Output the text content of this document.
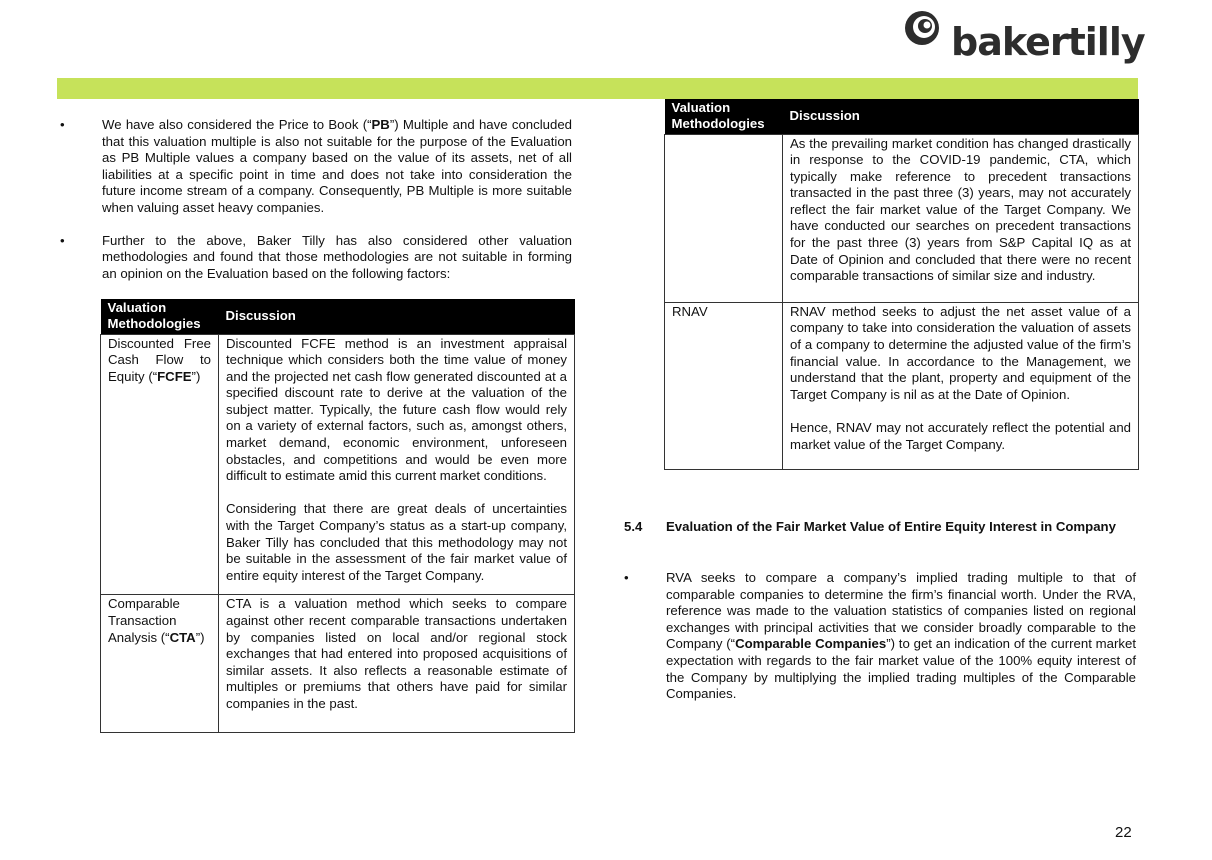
bakertilly

•	We have also considered the Price to Book (“PB”) Multiple and have concluded that this valuation multiple is also not suitable for the purpose of the Evaluation as PB Multiple values a company based on the value of its assets, net of all liabilities at a specific point in time and does not take into consideration the future income stream of a company. Consequently, PB Multiple is more suitable when valuing asset heavy companies.

•	Further to the above, Baker Tilly has also considered other valuation methodologies and found that those methodologies are not suitable in forming an opinion on the Evaluation based on the following factors:

Valuation Methodologies	Discussion
Discounted Free Cash Flow to Equity (“FCFE”)	Discounted FCFE method is an investment appraisal technique which considers both the time value of money and the projected net cash flow generated discounted at a specified discount rate to derive at the valuation of the subject matter. Typically, the future cash flow would rely on a variety of external factors, such as, amongst others, market demand, economic environment, unforeseen obstacles, and competitions and would be even more difficult to estimate amid this current market conditions.

Considering that there are great deals of uncertainties with the Target Company’s status as a start-up company, Baker Tilly has concluded that this methodology may not be suitable in the assessment of the fair market value of entire equity interest of the Target Company.

Comparable Transaction Analysis (“CTA”)	CTA is a valuation method which seeks to compare against other recent comparable transactions undertaken by companies listed on local and/or regional stock exchanges that had entered into proposed acquisitions of similar assets. It also reflects a reasonable estimate of multiples or premiums that others have paid for similar companies in the past.

Valuation Methodologies	Discussion

	As the prevailing market condition has changed drastically in response to the COVID-19 pandemic, CTA, which typically make reference to precedent transactions transacted in the past three (3) years, may not accurately reflect the fair market value of the Target Company. We have conducted our searches on precedent transactions for the past three (3) years from S&P Capital IQ as at Date of Opinion and concluded that there were no recent comparable transactions of similar size and industry.

RNAV	RNAV method seeks to adjust the net asset value of a company to take into consideration the valuation of assets of a company to determine the adjusted value of the firm’s financial value. In accordance to the Management, we understand that the plant, property and equipment of the Target Company is nil as at the Date of Opinion.

Hence, RNAV may not accurately reflect the potential and market value of the Target Company.

5.4 Evaluation of the Fair Market Value of Entire Equity Interest in Company

•	RVA seeks to compare a company’s implied trading multiple to that of comparable companies to determine the firm’s financial worth. Under the RVA, reference was made to the valuation statistics of companies listed on regional exchanges with principal activities that we consider broadly comparable to the Company (“Comparable Companies”) to get an indication of the current market expectation with regards to the fair market value of the 100% equity interest of the Company by multiplying the implied trading multiples of the Comparable Companies.

22
